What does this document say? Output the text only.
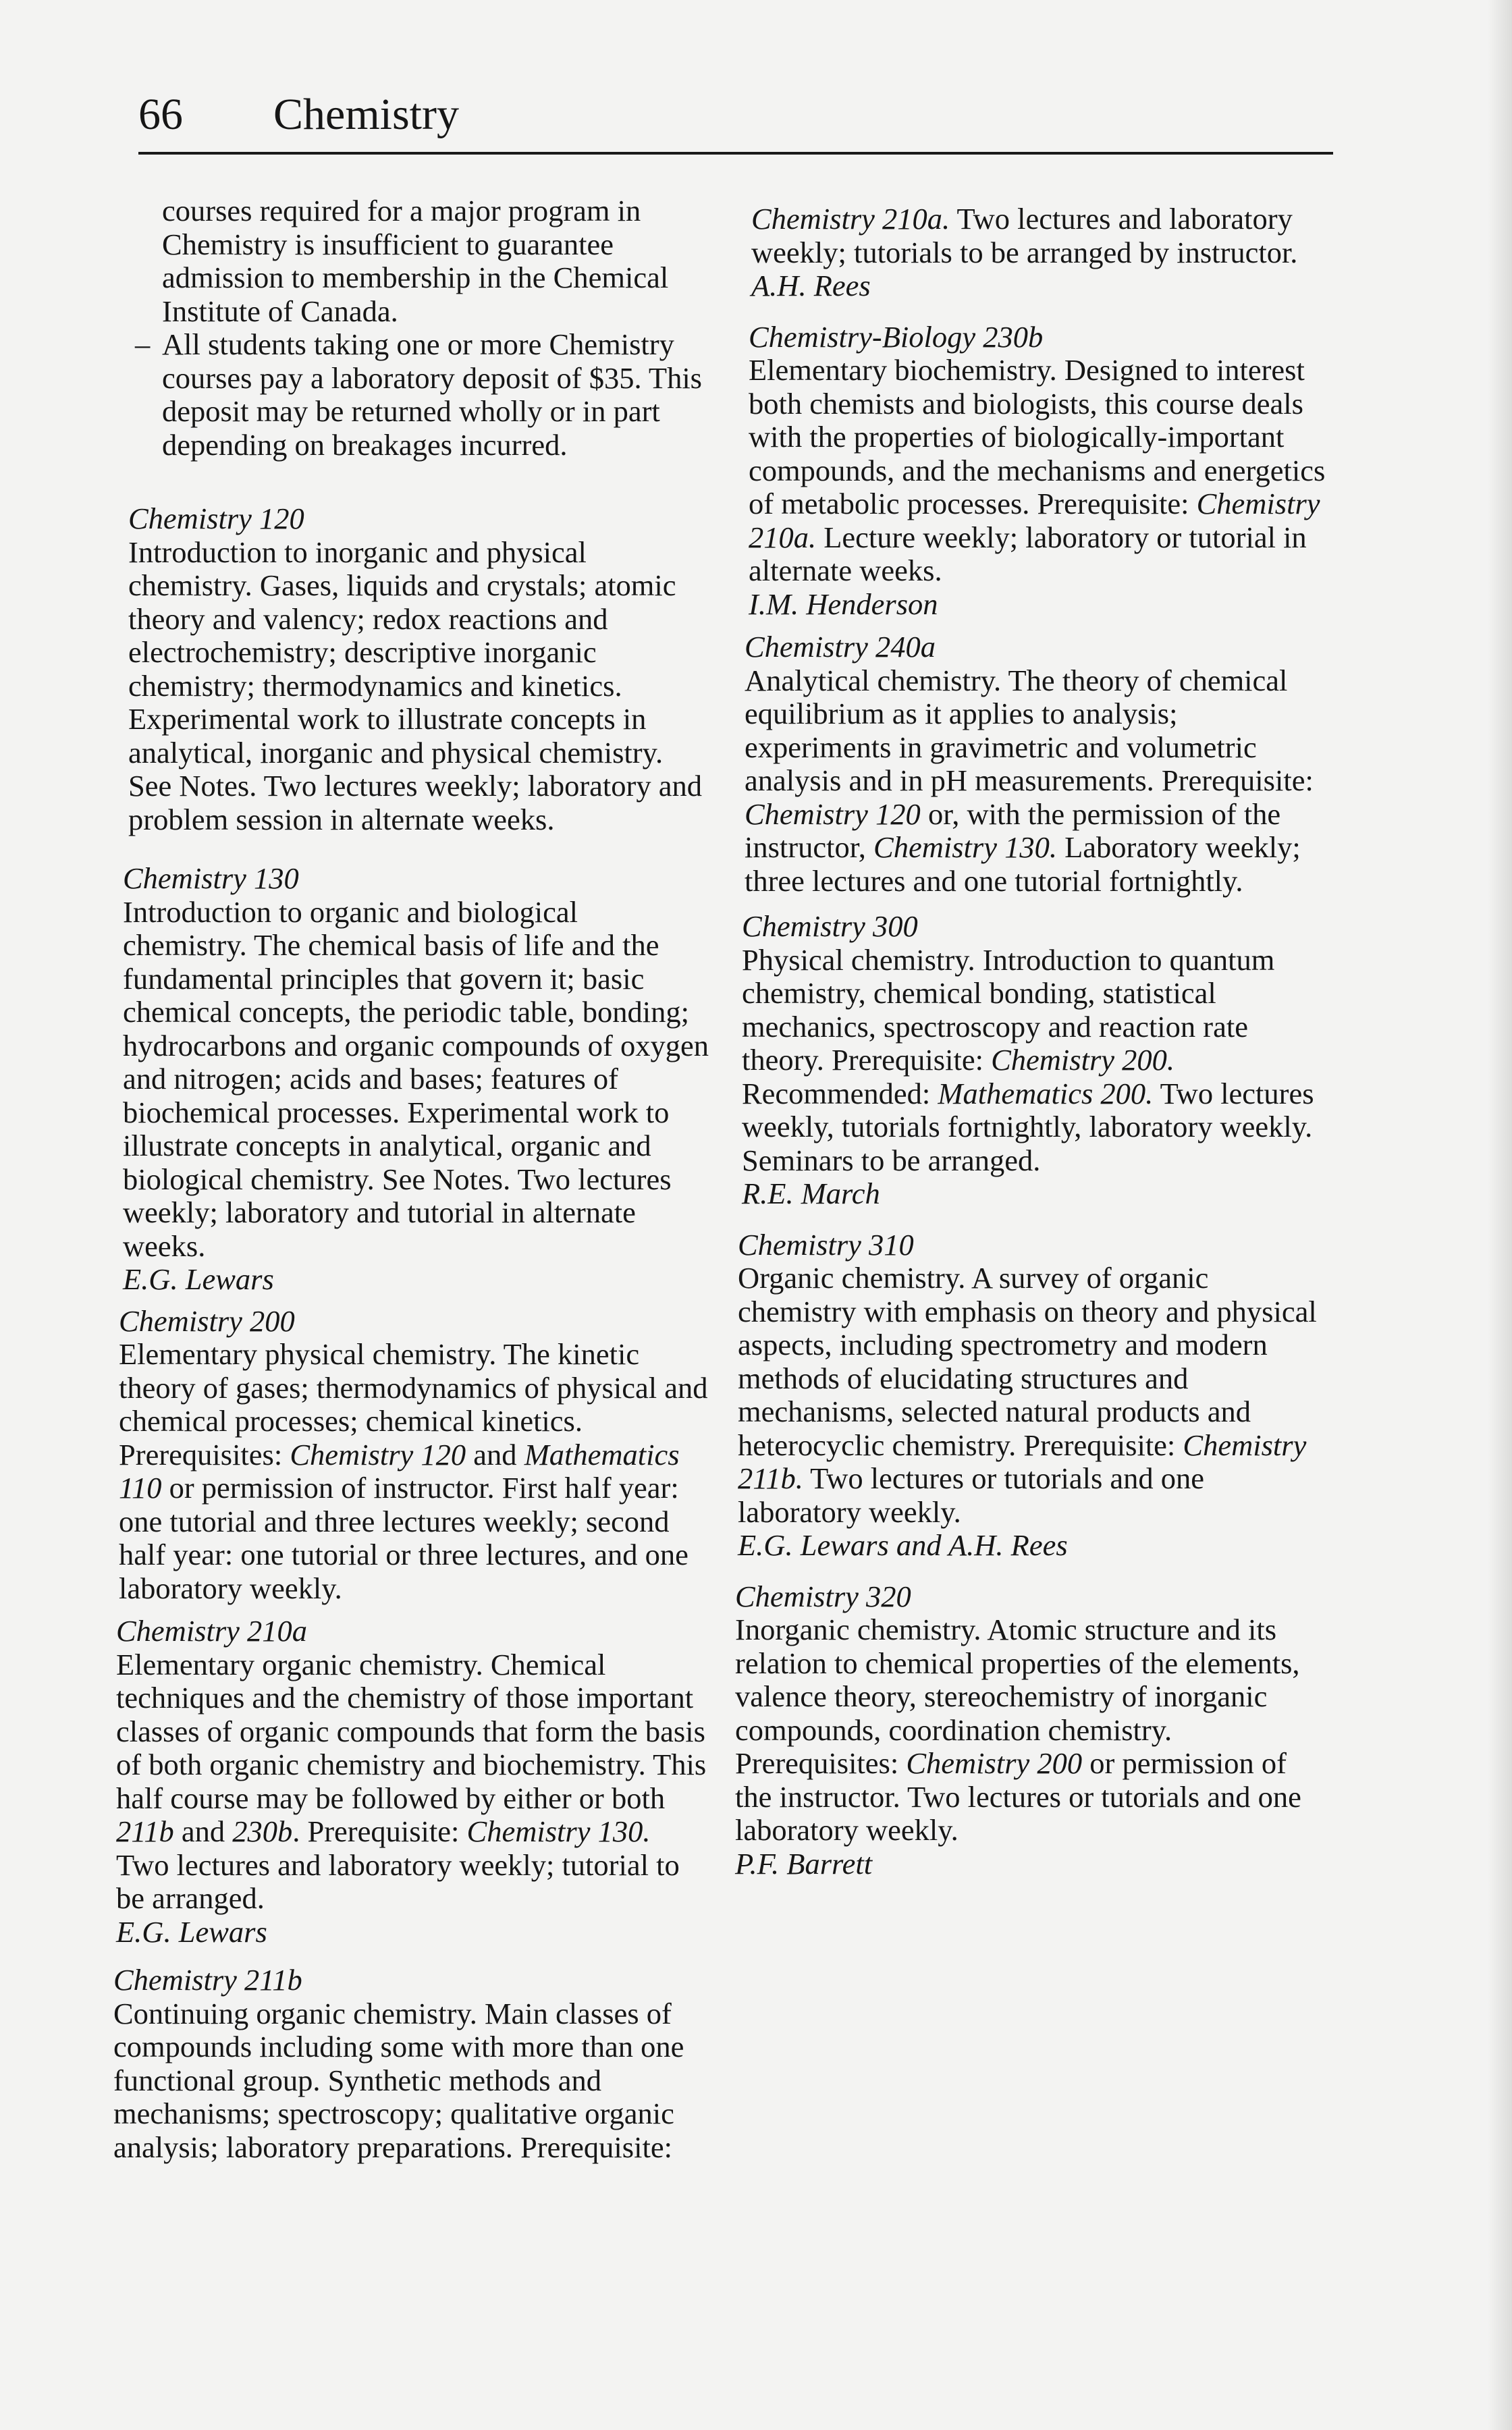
66 Chemistry
courses required for a major program in Chemistry is insufficient to guarantee admission to membership in the Chemical Institute of Canada.
– All students taking one or more Chemistry courses pay a laboratory deposit of $35. This deposit may be returned wholly or in part depending on breakages incurred.
Chemistry 120
Introduction to inorganic and physical chemistry. Gases, liquids and crystals; atomic theory and valency; redox reactions and electrochemistry; descriptive inorganic chemistry; thermodynamics and kinetics. Experimental work to illustrate concepts in analytical, inorganic and physical chemistry. See Notes. Two lectures weekly; laboratory and problem session in alternate weeks.
Chemistry 130
Introduction to organic and biological chemistry. The chemical basis of life and the fundamental principles that govern it; basic chemical concepts, the periodic table, bonding; hydrocarbons and organic compounds of oxygen and nitrogen; acids and bases; features of biochemical processes. Experimental work to illustrate concepts in analytical, organic and biological chemistry. See Notes. Two lectures weekly; laboratory and tutorial in alternate weeks.
E.G. Lewars
Chemistry 200
Elementary physical chemistry. The kinetic theory of gases; thermodynamics of physical and chemical processes; chemical kinetics. Prerequisites: Chemistry 120 and Mathematics 110 or permission of instructor. First half year: one tutorial and three lectures weekly; second half year: one tutorial or three lectures, and one laboratory weekly.
Chemistry 210a
Elementary organic chemistry. Chemical techniques and the chemistry of those important classes of organic compounds that form the basis of both organic chemistry and biochemistry. This half course may be followed by either or both 211b and 230b. Prerequisite: Chemistry 130. Two lectures and laboratory weekly; tutorial to be arranged.
E.G. Lewars
Chemistry 211b
Continuing organic chemistry. Main classes of compounds including some with more than one functional group. Synthetic methods and mechanisms; spectroscopy; qualitative organic analysis; laboratory preparations. Prerequisite:
Chemistry 210a. Two lectures and laboratory weekly; tutorials to be arranged by instructor.
A.H. Rees
Chemistry-Biology 230b
Elementary biochemistry. Designed to interest both chemists and biologists, this course deals with the properties of biologically-important compounds, and the mechanisms and energetics of metabolic processes. Prerequisite: Chemistry 210a. Lecture weekly; laboratory or tutorial in alternate weeks.
I.M. Henderson
Chemistry 240a
Analytical chemistry. The theory of chemical equilibrium as it applies to analysis; experiments in gravimetric and volumetric analysis and in pH measurements. Prerequisite: Chemistry 120 or, with the permission of the instructor, Chemistry 130. Laboratory weekly; three lectures and one tutorial fortnightly.
Chemistry 300
Physical chemistry. Introduction to quantum chemistry, chemical bonding, statistical mechanics, spectroscopy and reaction rate theory. Prerequisite: Chemistry 200. Recommended: Mathematics 200. Two lectures weekly, tutorials fortnightly, laboratory weekly. Seminars to be arranged.
R.E. March
Chemistry 310
Organic chemistry. A survey of organic chemistry with emphasis on theory and physical aspects, including spectrometry and modern methods of elucidating structures and mechanisms, selected natural products and heterocyclic chemistry. Prerequisite: Chemistry 211b. Two lectures or tutorials and one laboratory weekly.
E.G. Lewars and A.H. Rees
Chemistry 320
Inorganic chemistry. Atomic structure and its relation to chemical properties of the elements, valence theory, stereochemistry of inorganic compounds, coordination chemistry. Prerequisites: Chemistry 200 or permission of the instructor. Two lectures or tutorials and one laboratory weekly.
P.F. Barrett
